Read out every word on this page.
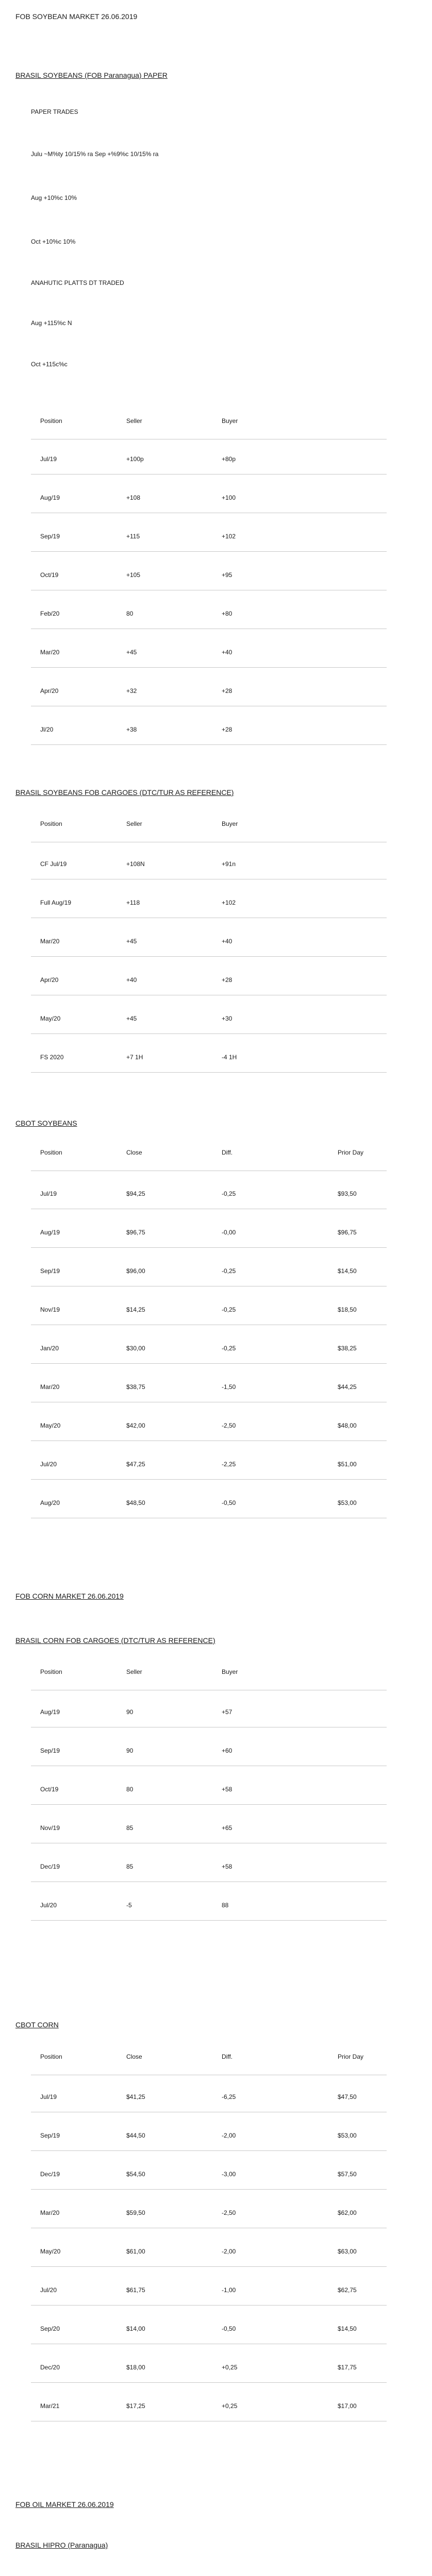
FOB SOYBEAN MARKET 26.06.2019
BRASIL SOYBEANS (FOB Paranagua) PAPER
PAPER TRADES
Julu ~M%ty 10/15% ra Sep +%9%c 10/15% ra
Aug +10%c 10%
Oct +10%c 10%
ANAHUTIC PLATTS DT TRADED
Aug +115%c N
Oct +115c%c
Position	Seller	Buyer
Jul/19	+100p	+80p
Aug/19	+108	+100
Sep/19	+115	+102
Oct/19	+105	+95
Feb/20	80	+80
Mar/20	+45	+40
Apr/20	+32	+28
Jl/20	+38	+28
BRASIL SOYBEANS FOB CARGOES (DTC/TUR AS REFERENCE)
Position	Seller	Buyer
CF Jul/19	+108N	+91n
Full Aug/19	+118	+102
Mar/20	+45	+40
Apr/20	+40	+28
May/20	+45	+30
FS 2020	+7 1H	-4 1H
CBOT SOYBEANS
Position	Close	Diff.	Prior Day
Jul/19	$94,25	-0,25	$93,50
Aug/19	$96,75	-0,00	$96,75
Sep/19	$96,00	-0,25	$14,50
Nov/19	$14,25	-0,25	$18,50
Jan/20	$30,00	-0,25	$38,25
Mar/20	$38,75	-1,50	$44,25
May/20	$42,00	-2,50	$48,00
Jul/20	$47,25	-2,25	$51,00
Aug/20	$48,50	-0,50	$53,00
FOB CORN MARKET 26.06.2019
BRASIL CORN FOB CARGOES (DTC/TUR AS REFERENCE)
Position	Seller	Buyer
Aug/19	90	+57
Sep/19	90	+60
Oct/19	80	+58
Nov/19	85	+65
Dec/19	85	+58
Jul/20	-5	88
CBOT CORN
Position	Close	Diff.	Prior Day
Jul/19	$41,25	-6,25	$47,50
Sep/19	$44,50	-2,00	$53,00
Dec/19	$54,50	-3,00	$57,50
Mar/20	$59,50	-2,50	$62,00
May/20	$61,00	-2,00	$63,00
Jul/20	$61,75	-1,00	$62,75
Sep/20	$14,00	-0,50	$14,50
Dec/20	$18,00	+0,25	$17,75
Mar/21	$17,25	+0,25	$17,00
FOB OIL MARKET 26.06.2019
BRASIL HIPRO (Paranagua)
